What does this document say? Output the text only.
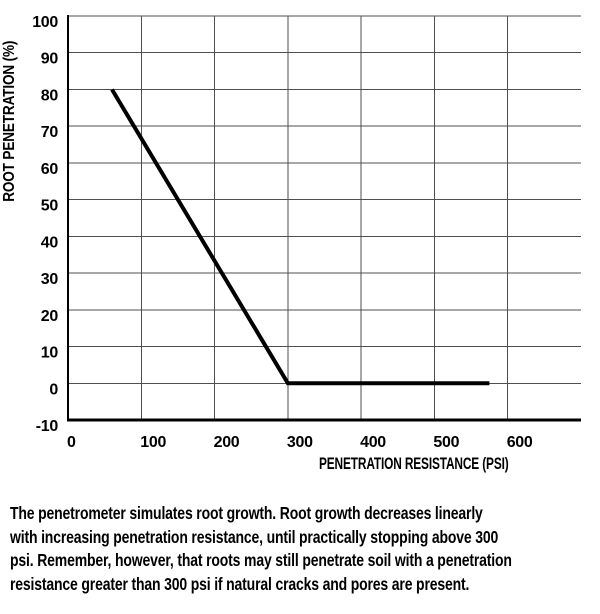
0	100	200	300	400	500	600
-10
0
10
20
30
40
50
60
70
80
90
100
ROOT PENETRATION (%)
PENETRATION RESISTANCE (PSI)
The penetrometer simulates root growth. Root growth decreases linearly
with increasing penetration resistance, until practically stopping above 300
psi. Remember, however, that roots may still penetrate soil with a penetration
resistance greater than 300 psi if natural cracks and pores are present.
